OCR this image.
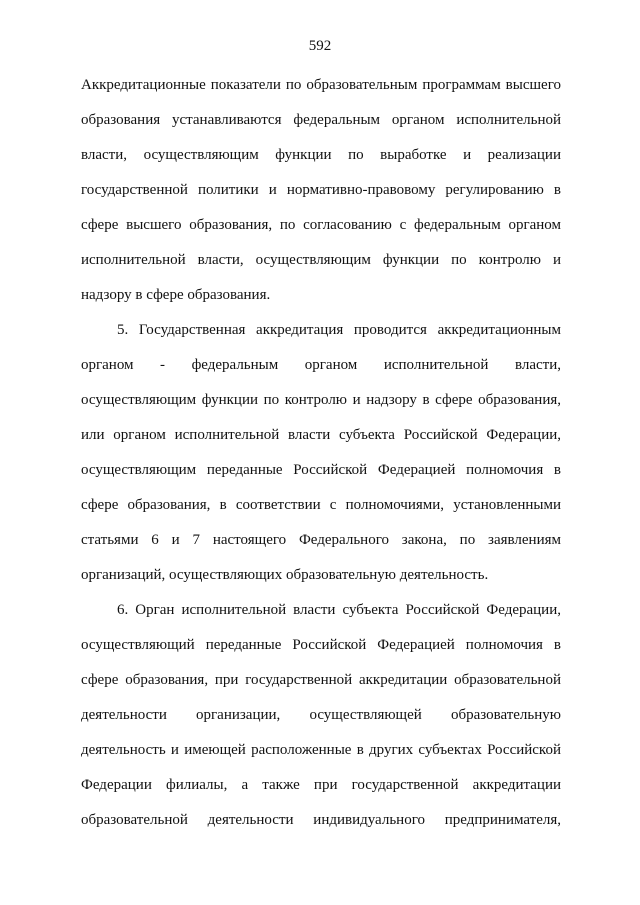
592
Аккредитационные показатели по образовательным программам высшего
образования устанавливаются федеральным органом исполнительной
власти, осуществляющим функции по выработке и реализации
государственной политики и нормативно-правовому регулированию в
сфере высшего образования, по согласованию с федеральным органом
исполнительной власти, осуществляющим функции по контролю и
надзору в сфере образования.
5. Государственная аккредитация проводится аккредитационным
органом - федеральным органом исполнительной власти,
осуществляющим функции по контролю и надзору в сфере образования,
или органом исполнительной власти субъекта Российской Федерации,
осуществляющим переданные Российской Федерацией полномочия в
сфере образования, в соответствии с полномочиями, установленными
статьями 6 и 7 настоящего Федерального закона, по заявлениям
организаций, осуществляющих образовательную деятельность.
6. Орган исполнительной власти субъекта Российской Федерации,
осуществляющий переданные Российской Федерацией полномочия в
сфере образования, при государственной аккредитации образовательной
деятельности организации, осуществляющей образовательную
деятельность и имеющей расположенные в других субъектах Российской
Федерации филиалы, а также при государственной аккредитации
образовательной деятельности индивидуального предпринимателя,
